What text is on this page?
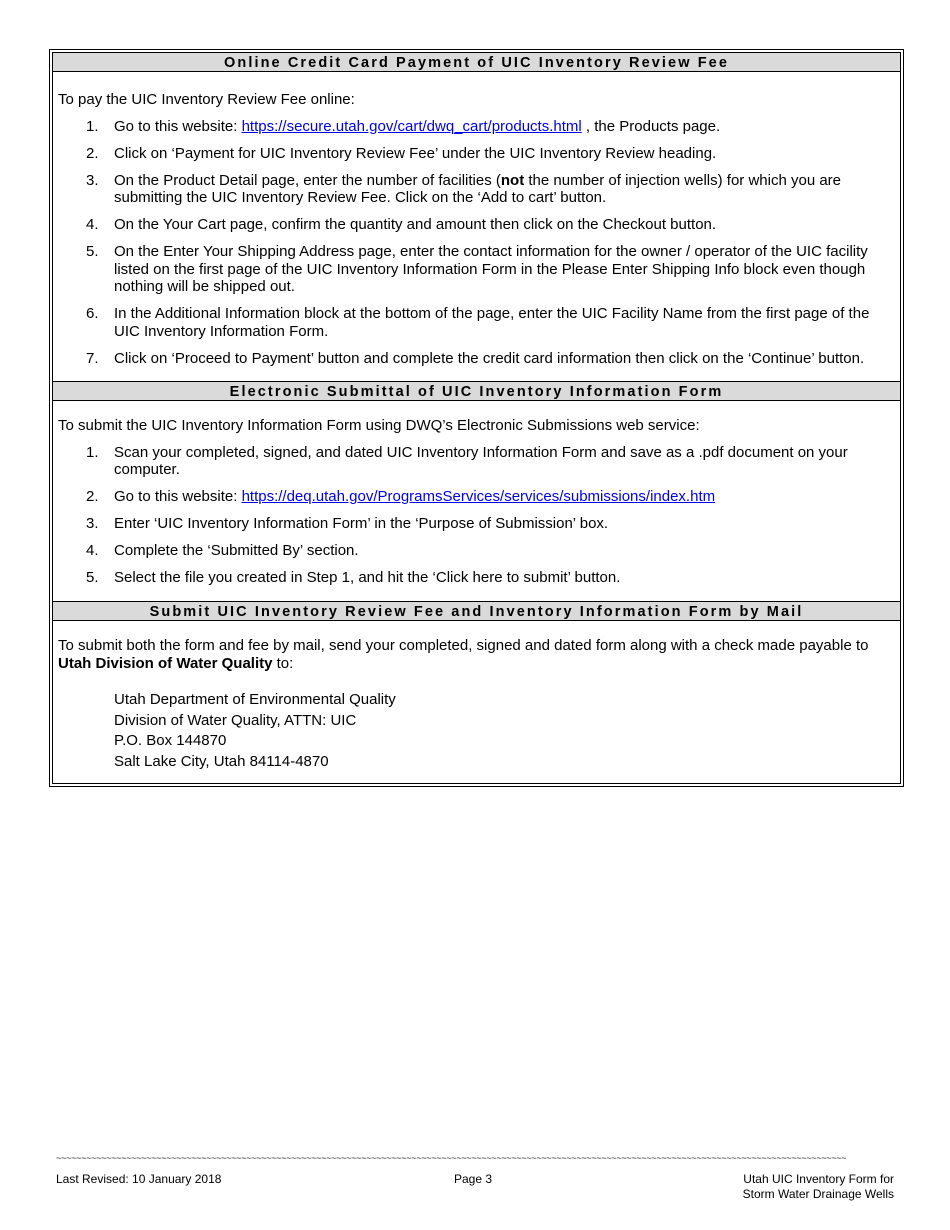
Online Credit Card Payment of UIC Inventory Review Fee

To pay the UIC Inventory Review Fee online:

1. Go to this website: https://secure.utah.gov/cart/dwq_cart/products.html , the Products page.
2. Click on ‘Payment for UIC Inventory Review Fee’ under the UIC Inventory Review heading.
3. On the Product Detail page, enter the number of facilities (not the number of injection wells) for which you are submitting the UIC Inventory Review Fee. Click on the ‘Add to cart’ button.
4. On the Your Cart page, confirm the quantity and amount then click on the Checkout button.
5. On the Enter Your Shipping Address page, enter the contact information for the owner / operator of the UIC facility listed on the first page of the UIC Inventory Information Form in the Please Enter Shipping Info block even though nothing will be shipped out.
6. In the Additional Information block at the bottom of the page, enter the UIC Facility Name from the first page of the UIC Inventory Information Form.
7. Click on ‘Proceed to Payment’ button and complete the credit card information then click on the ‘Continue’ button.
Electronic Submittal of UIC Inventory Information Form

To submit the UIC Inventory Information Form using DWQ’s Electronic Submissions web service:

1. Scan your completed, signed, and dated UIC Inventory Information Form and save as a .pdf document on your computer.
2. Go to this website: https://deq.utah.gov/ProgramsServices/services/submissions/index.htm
3. Enter ‘UIC Inventory Information Form’ in the ‘Purpose of Submission’ box.
4. Complete the ‘Submitted By’ section.
5. Select the file you created in Step 1, and hit the ‘Click here to submit’ button.
Submit UIC Inventory Review Fee and Inventory Information Form by Mail

To submit both the form and fee by mail, send your completed, signed and dated form along with a check made payable to Utah Division of Water Quality to:

Utah Department of Environmental Quality
Division of Water Quality, ATTN: UIC
P.O. Box 144870
Salt Lake City, Utah 84114-4870
~~~~~~~~~~~~~~~~~~~~~~~~~~~~~~~~~~~~~~~~~~~~~~~~~~~~~~~~~~~~~~~~~~~~~~~~~~~~~~~~~~~~~~~~~~~~~~~~~~~~~~~~~~~~~~~~~~~~~~~~~~~~~~~~~~~~~~~~~~~~~~~~~~~~~~~~~~~~~~
Last Revised: 10 January 2018	Page 3	Utah UIC Inventory Form for
Storm Water Drainage Wells
